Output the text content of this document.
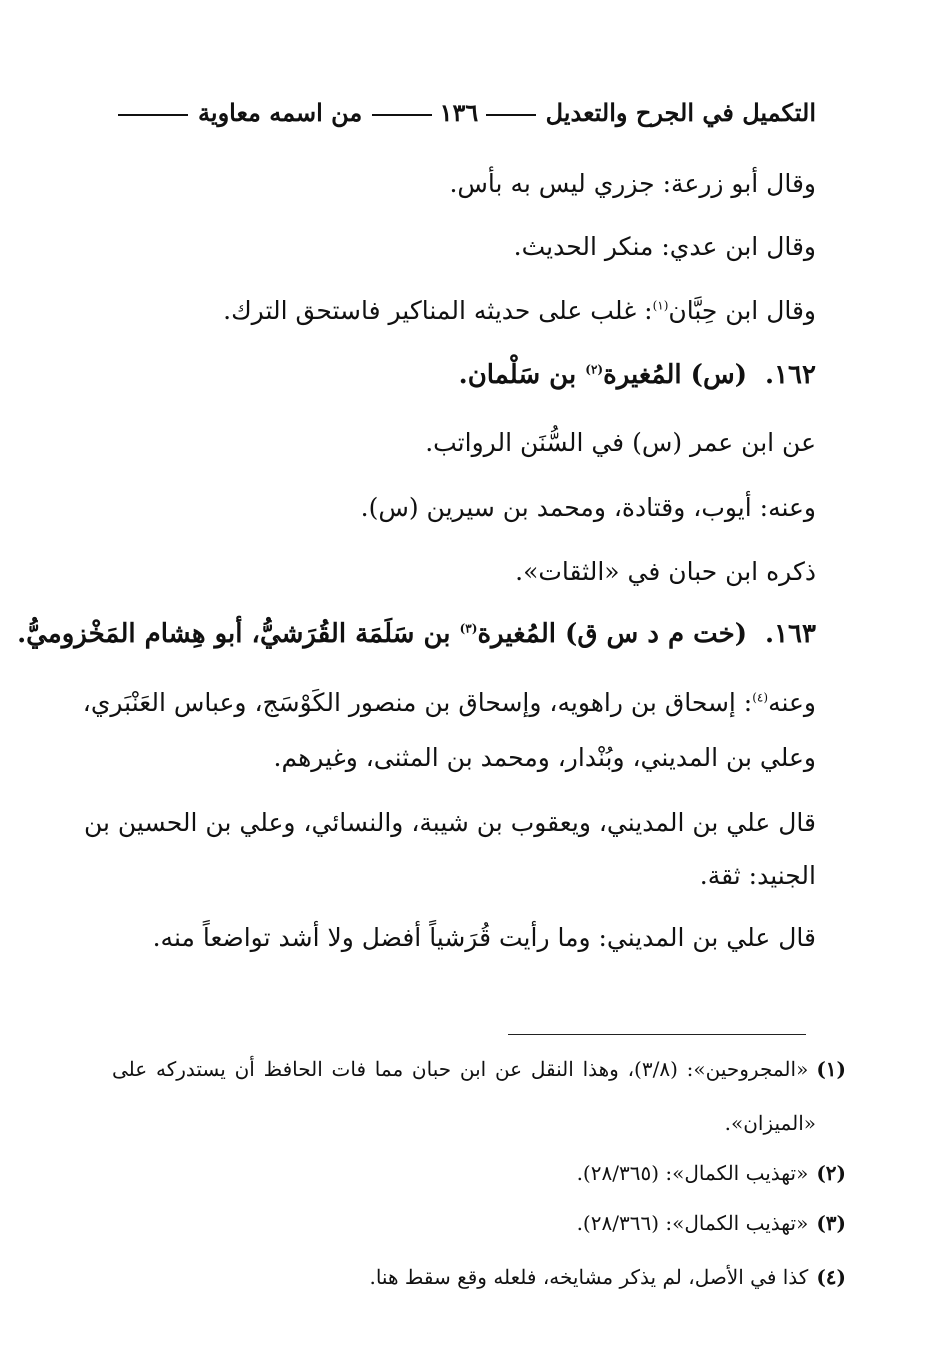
التكميل في الجرح والتعديل
١٣٦
من اسمه معاوية
وقال أبو زرعة: جزري ليس به بأس.
وقال ابن عدي: منكر الحديث.
وقال ابن حِبَّان$^{(١)}$: غلب على حديثه المناكير فاستحق الترك.
١٦٢.(س) المُغيرة$^{(٢)}$ بن سَلْمان.
عن ابن عمر (س) في السُّنَن الرواتب.
وعنه: أيوب، وقتادة، ومحمد بن سيرين (س).
ذكره ابن حبان في «الثقات».
١٦٣.(خت م د س ق) المُغيرة$^{(٣)}$ بن سَلَمَة القُرَشيُّ، أبو هِشام المَخْزوميُّ.
وعنه$^{(٤)}$: إسحاق بن راهويه، وإسحاق بن منصور الكَوْسَج، وعباس العَنْبَري،
وعلي بن المديني، وبُنْدار، ومحمد بن المثنى، وغيرهم.
قال علي بن المديني، ويعقوب بن شيبة، والنسائي، وعلي بن الحسين بن
الجنيد: ثقة.
قال علي بن المديني: وما رأيت قُرَشياً أفضل ولا أشد تواضعاً منه.
(١)«المجروحين»: (٣/٨)، وهذا النقل عن ابن حبان مما فات الحافظ أن يستدركه على
«الميزان».
(٢)«تهذيب الكمال»: (٢٨/٣٦٥).
(٣)«تهذيب الكمال»: (٢٨/٣٦٦).
(٤)كذا في الأصل، لم يذكر مشايخه، فلعله وقع سقط هنا.
